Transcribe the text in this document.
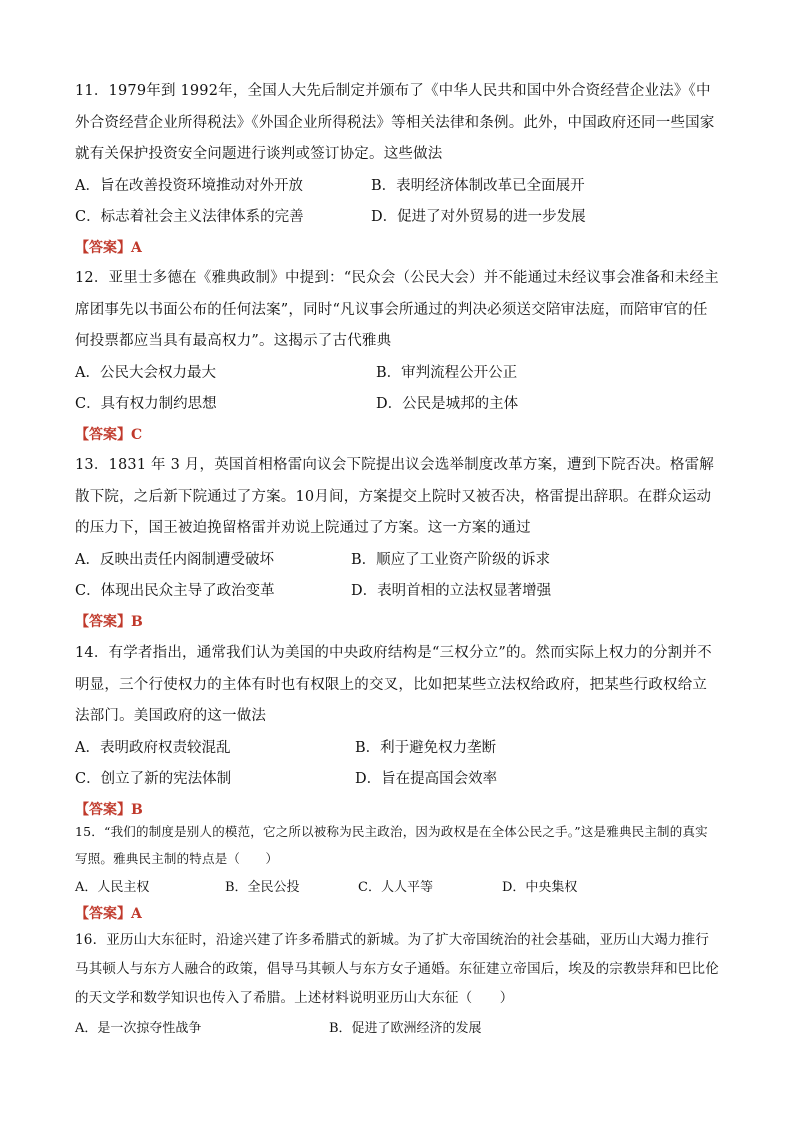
11．1979年到 1992年，全国人大先后制定并颁布了《中华人民共和国中外合资经营企业法》《中外合资经营企业所得税法》《外国企业所得税法》等相关法律和条例。此外，中国政府还同一些国家就有关保护投资安全问题进行谈判或签订协定。这些做法

A．旨在改善投资环境推动对外开放	B．表明经济体制改革已全面展开
C．标志着社会主义法律体系的完善	D．促进了对外贸易的进一步发展

【答案】A

12．亚里士多德在《雅典政制》中提到：“民众会（公民大会）并不能通过未经议事会准备和未经主席团事先以书面公布的任何法案”，同时“凡议事会所通过的判决必须送交陪审法庭，而陪审官的任何投票都应当具有最高权力”。这揭示了古代雅典

A．公民大会权力最大	B．审判流程公开公正
C．具有权力制约思想	D．公民是城邦的主体

【答案】C

13．1831 年 3 月，英国首相格雷向议会下院提出议会选举制度改革方案，遭到下院否决。格雷解散下院，之后新下院通过了方案。10月间，方案提交上院时又被否决，格雷提出辞职。在群众运动的压力下，国王被迫挽留格雷并劝说上院通过了方案。这一方案的通过

A．反映出责任内阁制遭受破坏	B．顺应了工业资产阶级的诉求
C．体现出民众主导了政治变革	D．表明首相的立法权显著增强

【答案】B

14．有学者指出，通常我们认为美国的中央政府结构是“三权分立”的。然而实际上权力的分割并不明显，三个行使权力的主体有时也有权限上的交叉，比如把某些立法权给政府，把某些行政权给立法部门。美国政府的这一做法

A．表明政府权责较混乱	B．利于避免权力垄断
C．创立了新的宪法体制	D．旨在提高国会效率

【答案】B

15．“我们的制度是别人的模范，它之所以被称为民主政治，因为政权是在全体公民之手。”这是雅典民主制的真实写照。雅典民主制的特点是（　　）

A．人民主权	B．全民公投	C．人人平等	D．中央集权

【答案】A

16．亚历山大东征时，沿途兴建了许多希腊式的新城。为了扩大帝国统治的社会基础，亚历山大竭力推行马其顿人与东方人融合的政策，倡导马其顿人与东方女子通婚。东征建立帝国后，埃及的宗教崇拜和巴比伦的天文学和数学知识也传入了希腊。上述材料说明亚历山大东征（　　）

A．是一次掠夺性战争	B．促进了欧洲经济的发展
